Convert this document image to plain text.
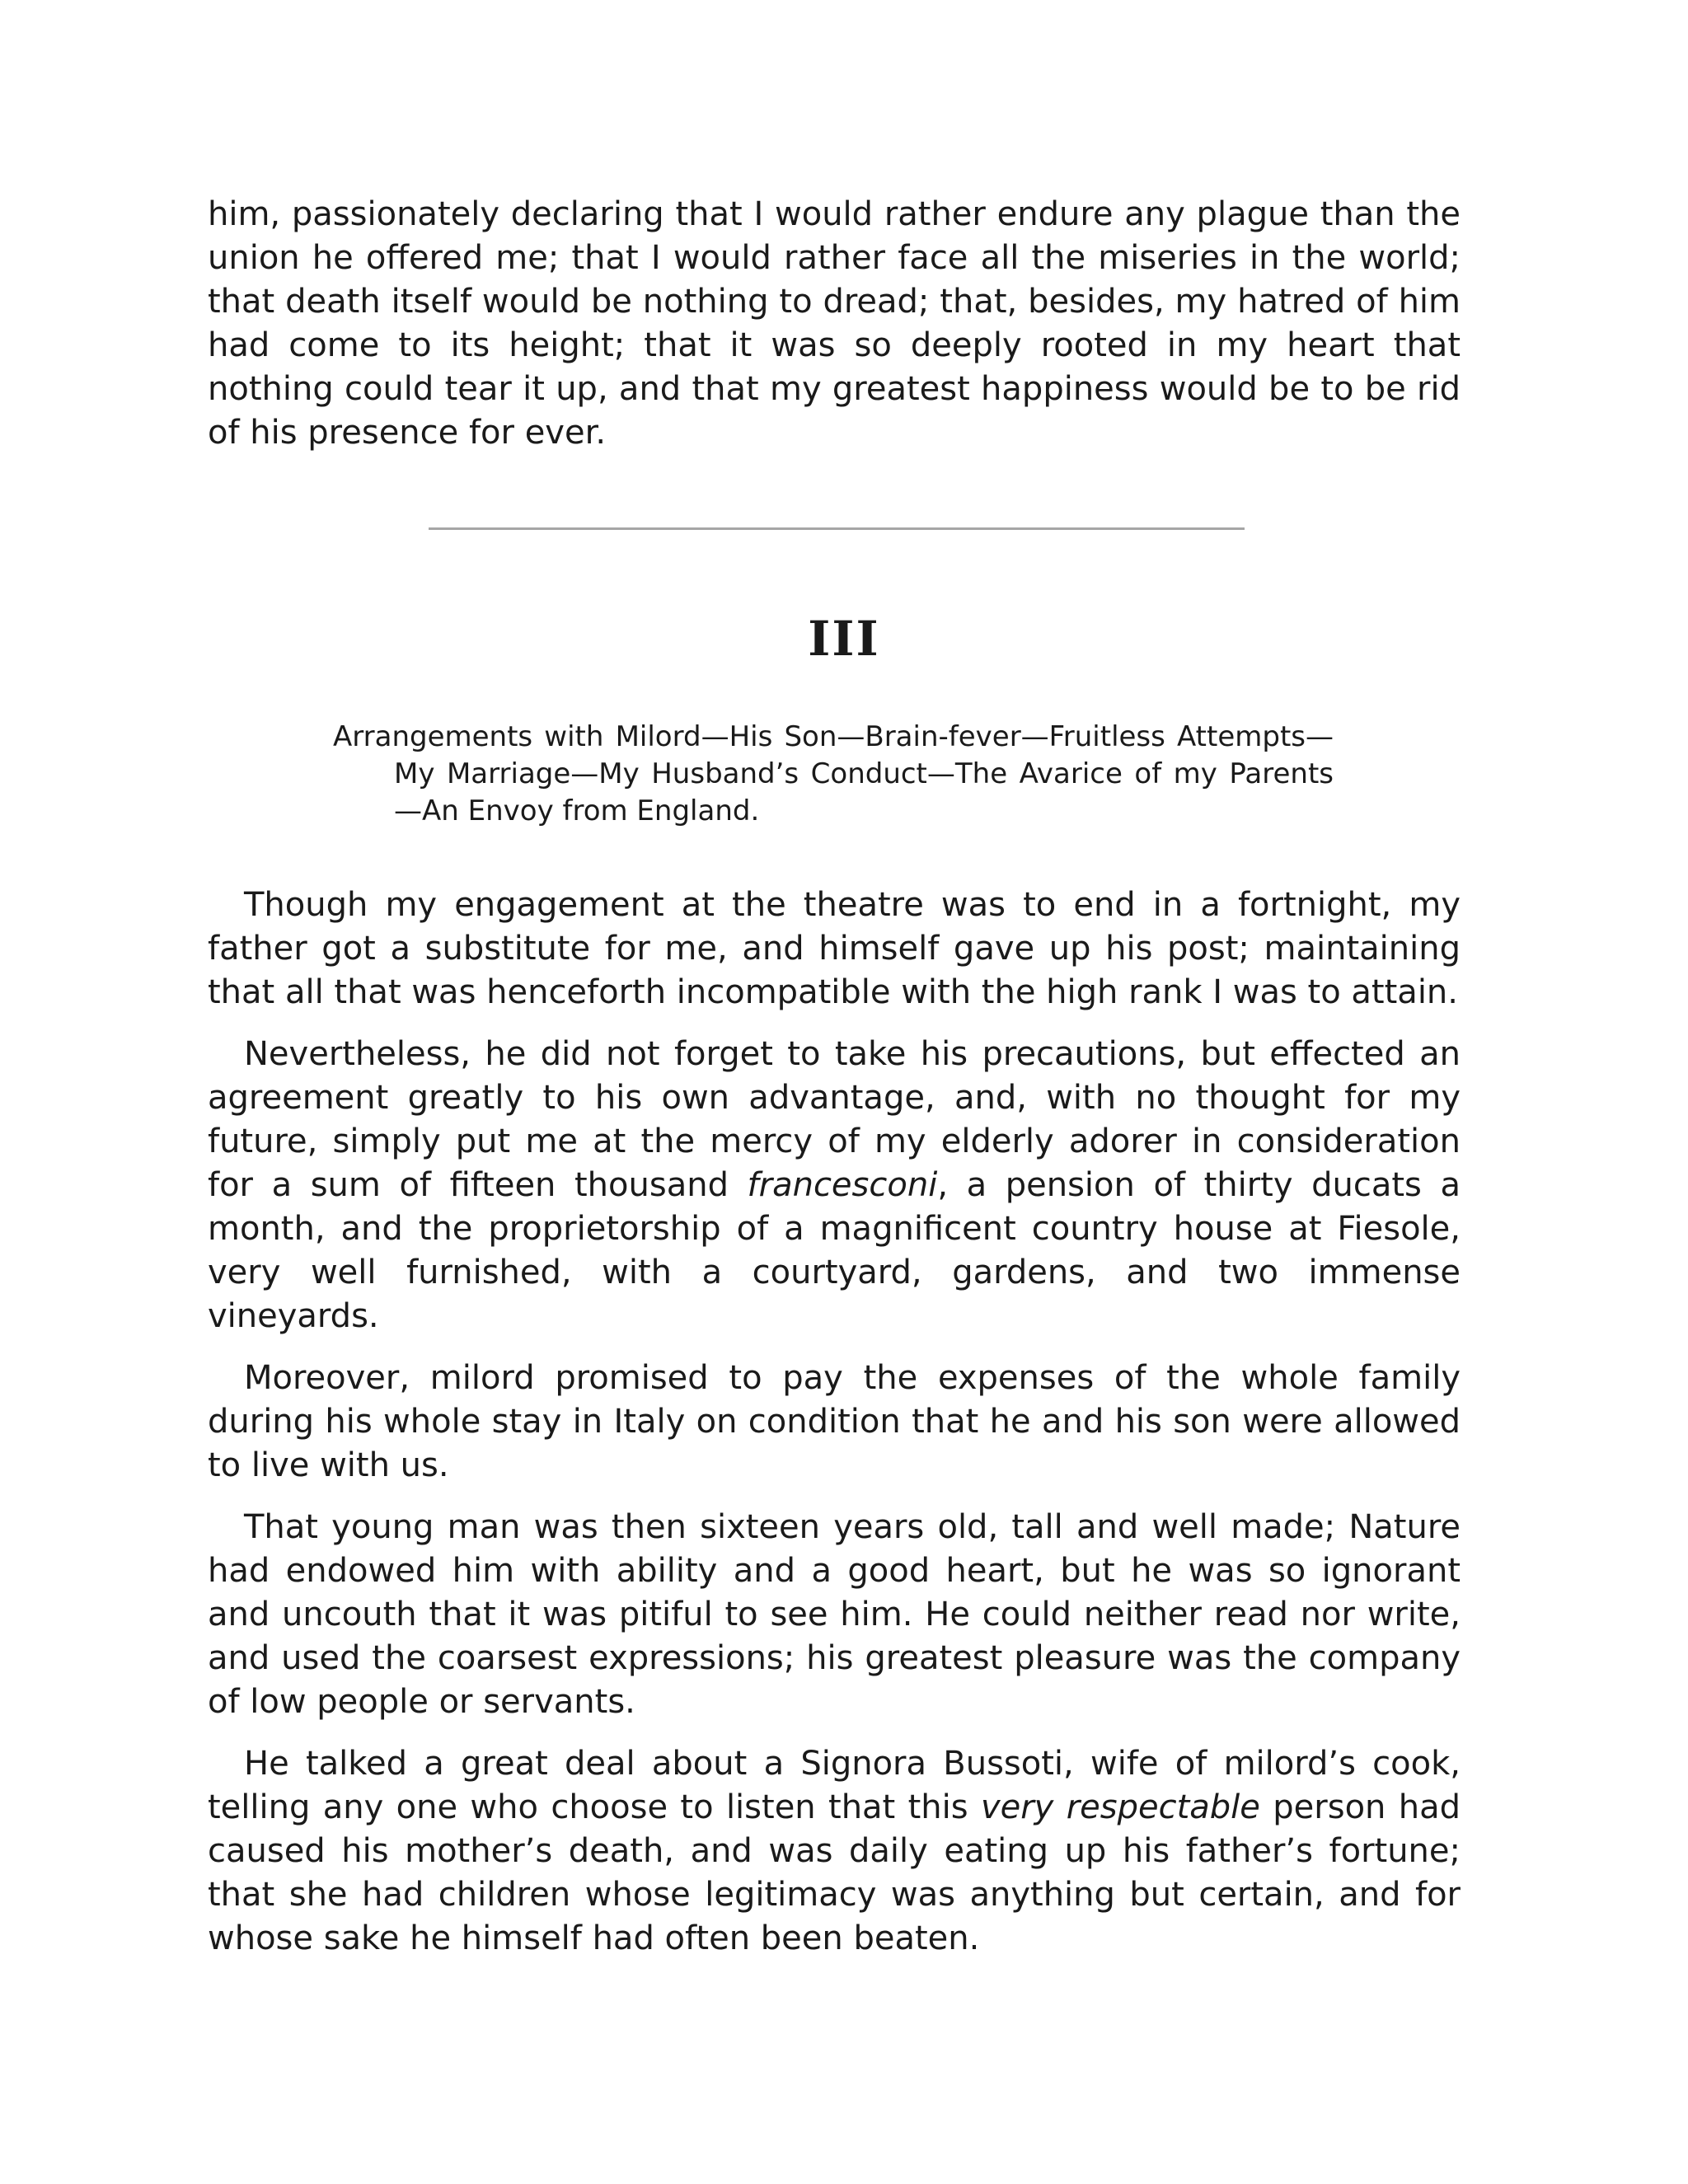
him, passionately declaring that I would rather endure any plague than the union he offered me; that I would rather face all the miseries in the world; that death itself would be nothing to dread; that, besides, my hatred of him had come to its height; that it was so deeply rooted in my heart that nothing could tear it up, and that my greatest happiness would be to be rid of his presence for ever.

III

Arrangements with Milord—His Son—Brain-fever—Fruitless Attempts—My Marriage—My Husband’s Conduct—The Avarice of my Parents—An Envoy from England.

Though my engagement at the theatre was to end in a fortnight, my father got a substitute for me, and himself gave up his post; maintaining that all that was henceforth incompatible with the high rank I was to attain.

Nevertheless, he did not forget to take his precautions, but effected an agreement greatly to his own advantage, and, with no thought for my future, simply put me at the mercy of my elderly adorer in consideration for a sum of fifteen thousand francesconi, a pension of thirty ducats a month, and the proprietorship of a magnificent country house at Fiesole, very well furnished, with a courtyard, gardens, and two immense vineyards.

Moreover, milord promised to pay the expenses of the whole family during his whole stay in Italy on condition that he and his son were allowed to live with us.

That young man was then sixteen years old, tall and well made; Nature had endowed him with ability and a good heart, but he was so ignorant and uncouth that it was pitiful to see him. He could neither read nor write, and used the coarsest expressions; his greatest pleasure was the company of low people or servants.

He talked a great deal about a Signora Bussoti, wife of milord’s cook, telling any one who choose to listen that this very respectable person had caused his mother’s death, and was daily eating up his father’s fortune; that she had children whose legitimacy was anything but certain, and for whose sake he himself had often been beaten.
